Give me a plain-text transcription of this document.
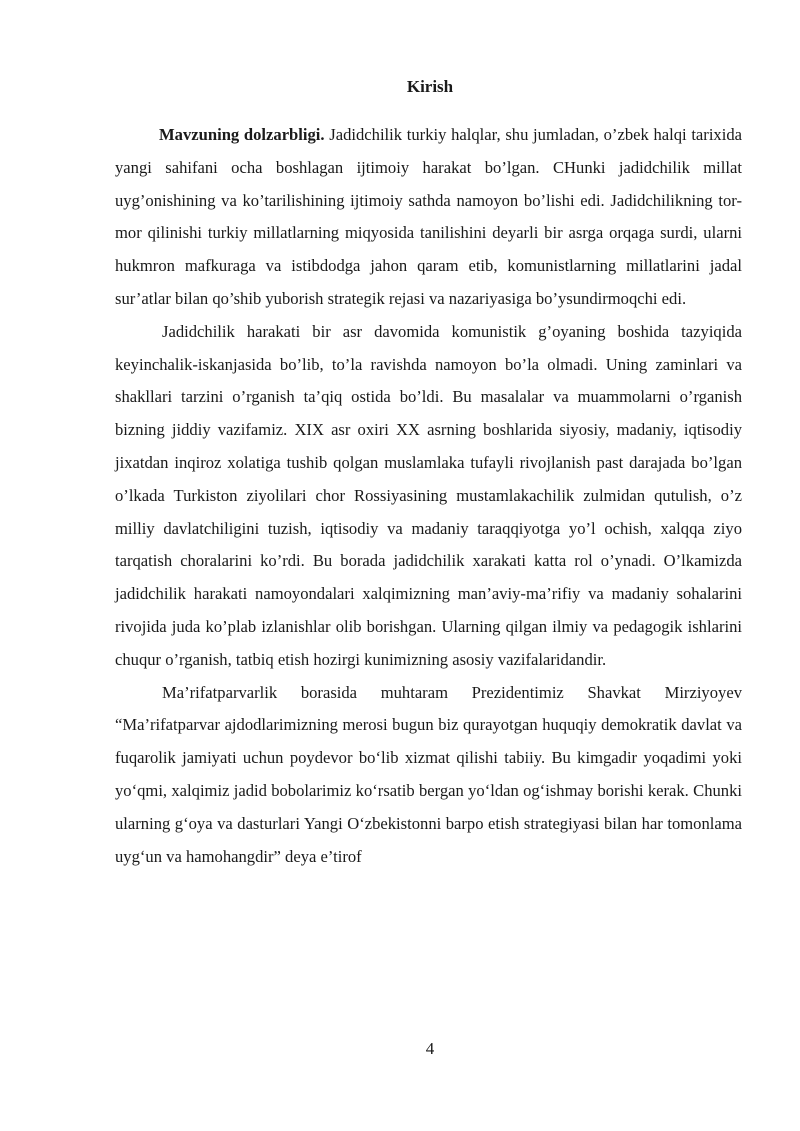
Kirish

Mavzuning dolzarbligi. Jadidchilik turkiy halqlar, shu jumladan, o’zbek halqi tarixida yangi sahifani ocha boshlagan ijtimoiy harakat bo’lgan. CHunki jadidchilik millat uyg’onishining va ko’tarilishining ijtimoiy sathda namoyon bo’lishi edi. Jadidchilikning tor-mor qilinishi turkiy millatlarning miqyosida tanilishini deyarli bir asrga orqaga surdi, ularni hukmron mafkuraga va istibdodga jahon qaram etib, komunistlarning millatlarini jadal sur’atlar bilan qo’shib yuborish strategik rejasi va nazariyasiga bo’ysundirmoqchi edi.

Jadidchilik harakati bir asr davomida komunistik g’oyaning boshida tazyiqida keyinchalik-iskanjasida bo’lib, to’la ravishda namoyon bo’la olmadi. Uning zaminlari va shakllari tarzini o’rganish ta’qiq ostida bo’ldi. Bu masalalar va muammolarni o’rganish bizning jiddiy vazifamiz. XIX asr oxiri XX asrning boshlarida siyosiy, madaniy, iqtisodiy jixatdan inqiroz xolatiga tushib qolgan muslamlaka tufayli rivojlanish past darajada bo’lgan o’lkada Turkiston ziyolilari chor Rossiyasining mustamlakachilik zulmidan qutulish, o’z milliy davlatchiligini tuzish, iqtisodiy va madaniy taraqqiyotga yo’l ochish, xalqqa ziyo tarqatish choralarini ko’rdi. Bu borada jadidchilik xarakati katta rol o’ynadi. O’lkamizda jadidchilik harakati namoyondalari xalqimizning man’aviy-ma’rifiy va madaniy sohalarini rivojida juda ko’plab izlanishlar olib borishgan. Ularning qilgan ilmiy va pedagogik ishlarini chuqur o’rganish, tatbiq etish hozirgi kunimizning asosiy vazifalaridandir.

Ma’rifatparvarlik borasida muhtaram Prezidentimiz Shavkat Mirziyoyev “Ma’rifatparvar ajdodlarimizning merosi bugun biz qurayotgan huquqiy demokratik davlat va fuqarolik jamiyati uchun poydevor bo‘lib xizmat qilishi tabiiy. Bu kimgadir yoqadimi yoki yo‘qmi, xalqimiz jadid bobolarimiz ko‘rsatib bergan yo‘ldan og‘ishmay borishi kerak. Chunki ularning g‘oya va dasturlari Yangi O‘zbekistonni barpo etish strategiyasi bilan har tomonlama uyg‘un va hamohangdir” deya e’tirof

4
